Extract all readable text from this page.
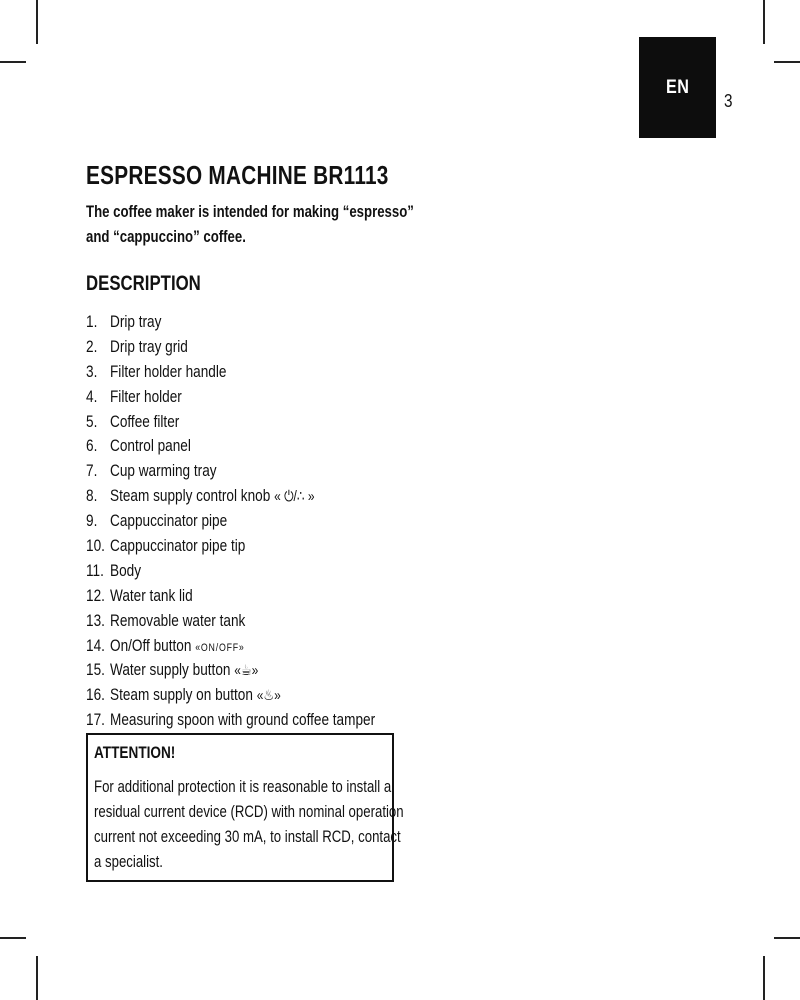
EN
3
ESPRESSO MACHINE BR1113
The coffee maker is intended for making “espresso”
and “cappuccino” coffee.
DESCRIPTION
1. Drip tray
2. Drip tray grid
3. Filter holder handle
4. Filter holder
5. Coffee filter
6. Control panel
7. Cup warming tray
8. Steam supply control knob « ⏻/∴ »
9. Cappuccinator pipe
10. Cappuccinator pipe tip
11. Body
12. Water tank lid
13. Removable water tank
14. On/Off button «ON/OFF»
15. Water supply button «☕»
16. Steam supply on button «♨»
17. Measuring spoon with ground coffee tamper
ATTENTION!
For additional protection it is reasonable to install a
residual current device (RCD) with nominal operation
current not exceeding 30 mA, to install RCD, contact
a specialist.
